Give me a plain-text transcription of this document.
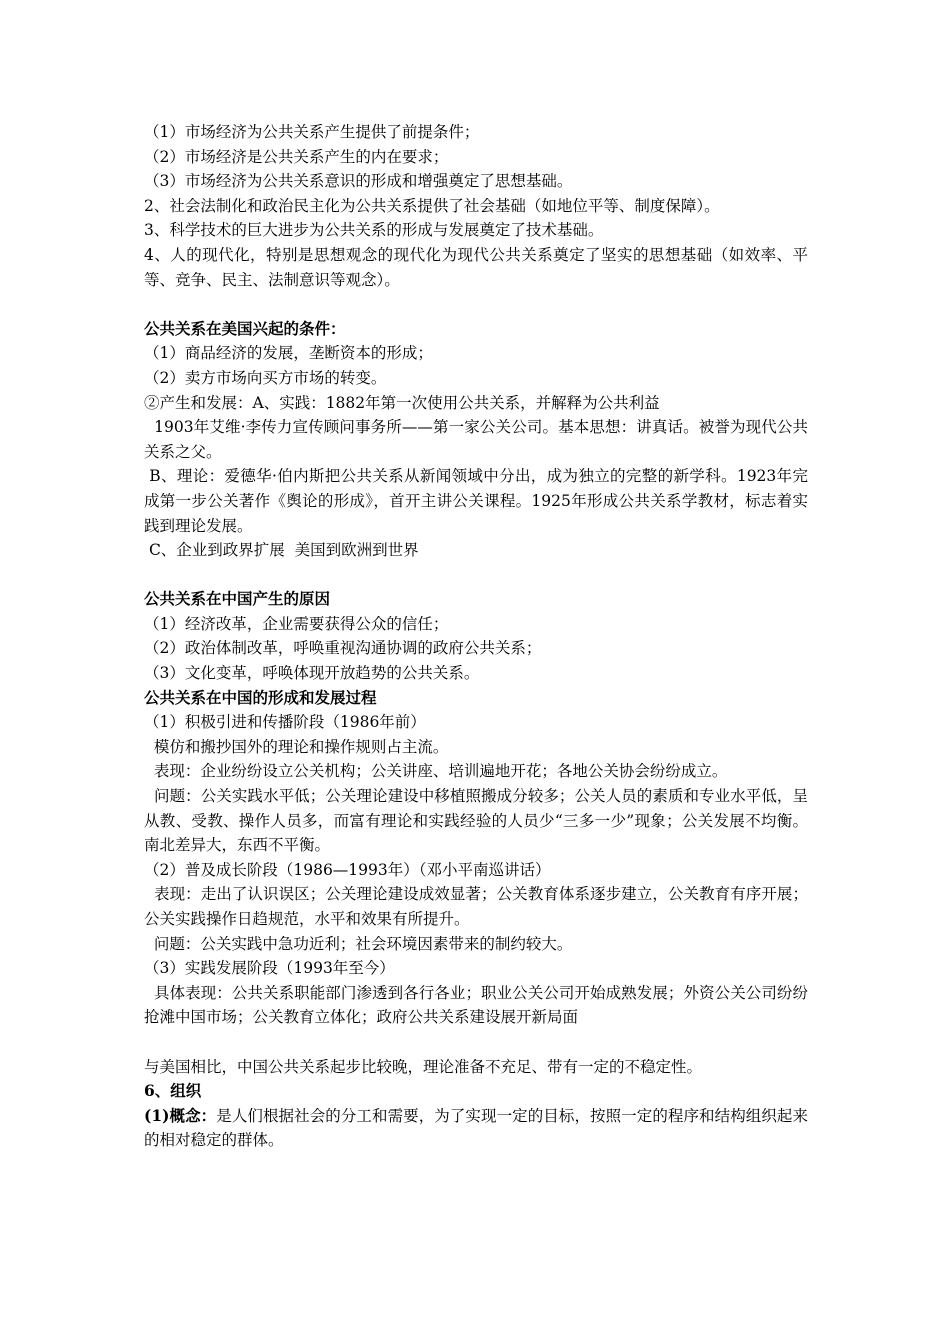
（1）市场经济为公共关系产生提供了前提条件；

（2）市场经济是公共关系产生的内在要求；

（3）市场经济为公共关系意识的形成和增强奠定了思想基础。

2、社会法制化和政治民主化为公共关系提供了社会基础（如地位平等、制度保障）。

3、科学技术的巨大进步为公共关系的形成与发展奠定了技术基础。

4、人的现代化，特别是思想观念的现代化为现代公共关系奠定了坚实的思想基础（如效率、平等、竞争、民主、法制意识等观念）。

公共关系在美国兴起的条件：

（1）商品经济的发展，垄断资本的形成；

（2）卖方市场向买方市场的转变。

②产生和发展：A、实践：1882年第一次使用公共关系，并解释为公共利益

1903年艾维·李传力宣传顾问事务所——第一家公关公司。基本思想：讲真话。被誉为现代公共关系之父。

B、理论：爱德华·伯内斯把公共关系从新闻领域中分出，成为独立的完整的新学科。1923年完成第一步公关著作《舆论的形成》，首开主讲公关课程。1925年形成公共关系学教材，标志着实践到理论发展。

C、企业到政界扩展  美国到欧洲到世界

公共关系在中国产生的原因

（1）经济改革，企业需要获得公众的信任；

（2）政治体制改革，呼唤重视沟通协调的政府公共关系；

（3）文化变革，呼唤体现开放趋势的公共关系。

公共关系在中国的形成和发展过程

（1）积极引进和传播阶段（1986年前）

模仿和搬抄国外的理论和操作规则占主流。

表现：企业纷纷设立公关机构；公关讲座、培训遍地开花；各地公关协会纷纷成立。

问题：公关实践水平低；公关理论建设中移植照搬成分较多；公关人员的素质和专业水平低，呈从教、受教、操作人员多，而富有理论和实践经验的人员少“三多一少”现象；公关发展不均衡。南北差异大，东西不平衡。

（2）普及成长阶段（1986—1993年）（邓小平南巡讲话）

表现：走出了认识误区；公关理论建设成效显著；公关教育体系逐步建立，公关教育有序开展；公关实践操作日趋规范，水平和效果有所提升。

问题：公关实践中急功近利；社会环境因素带来的制约较大。

（3）实践发展阶段（1993年至今）

具体表现：公共关系职能部门渗透到各行各业；职业公关公司开始成熟发展；外资公关公司纷纷抢滩中国市场；公关教育立体化；政府公共关系建设展开新局面

与美国相比，中国公共关系起步比较晚，理论准备不充足、带有一定的不稳定性。

6、组织

(1)概念：是人们根据社会的分工和需要，为了实现一定的目标，按照一定的程序和结构组织起来的相对稳定的群体。
